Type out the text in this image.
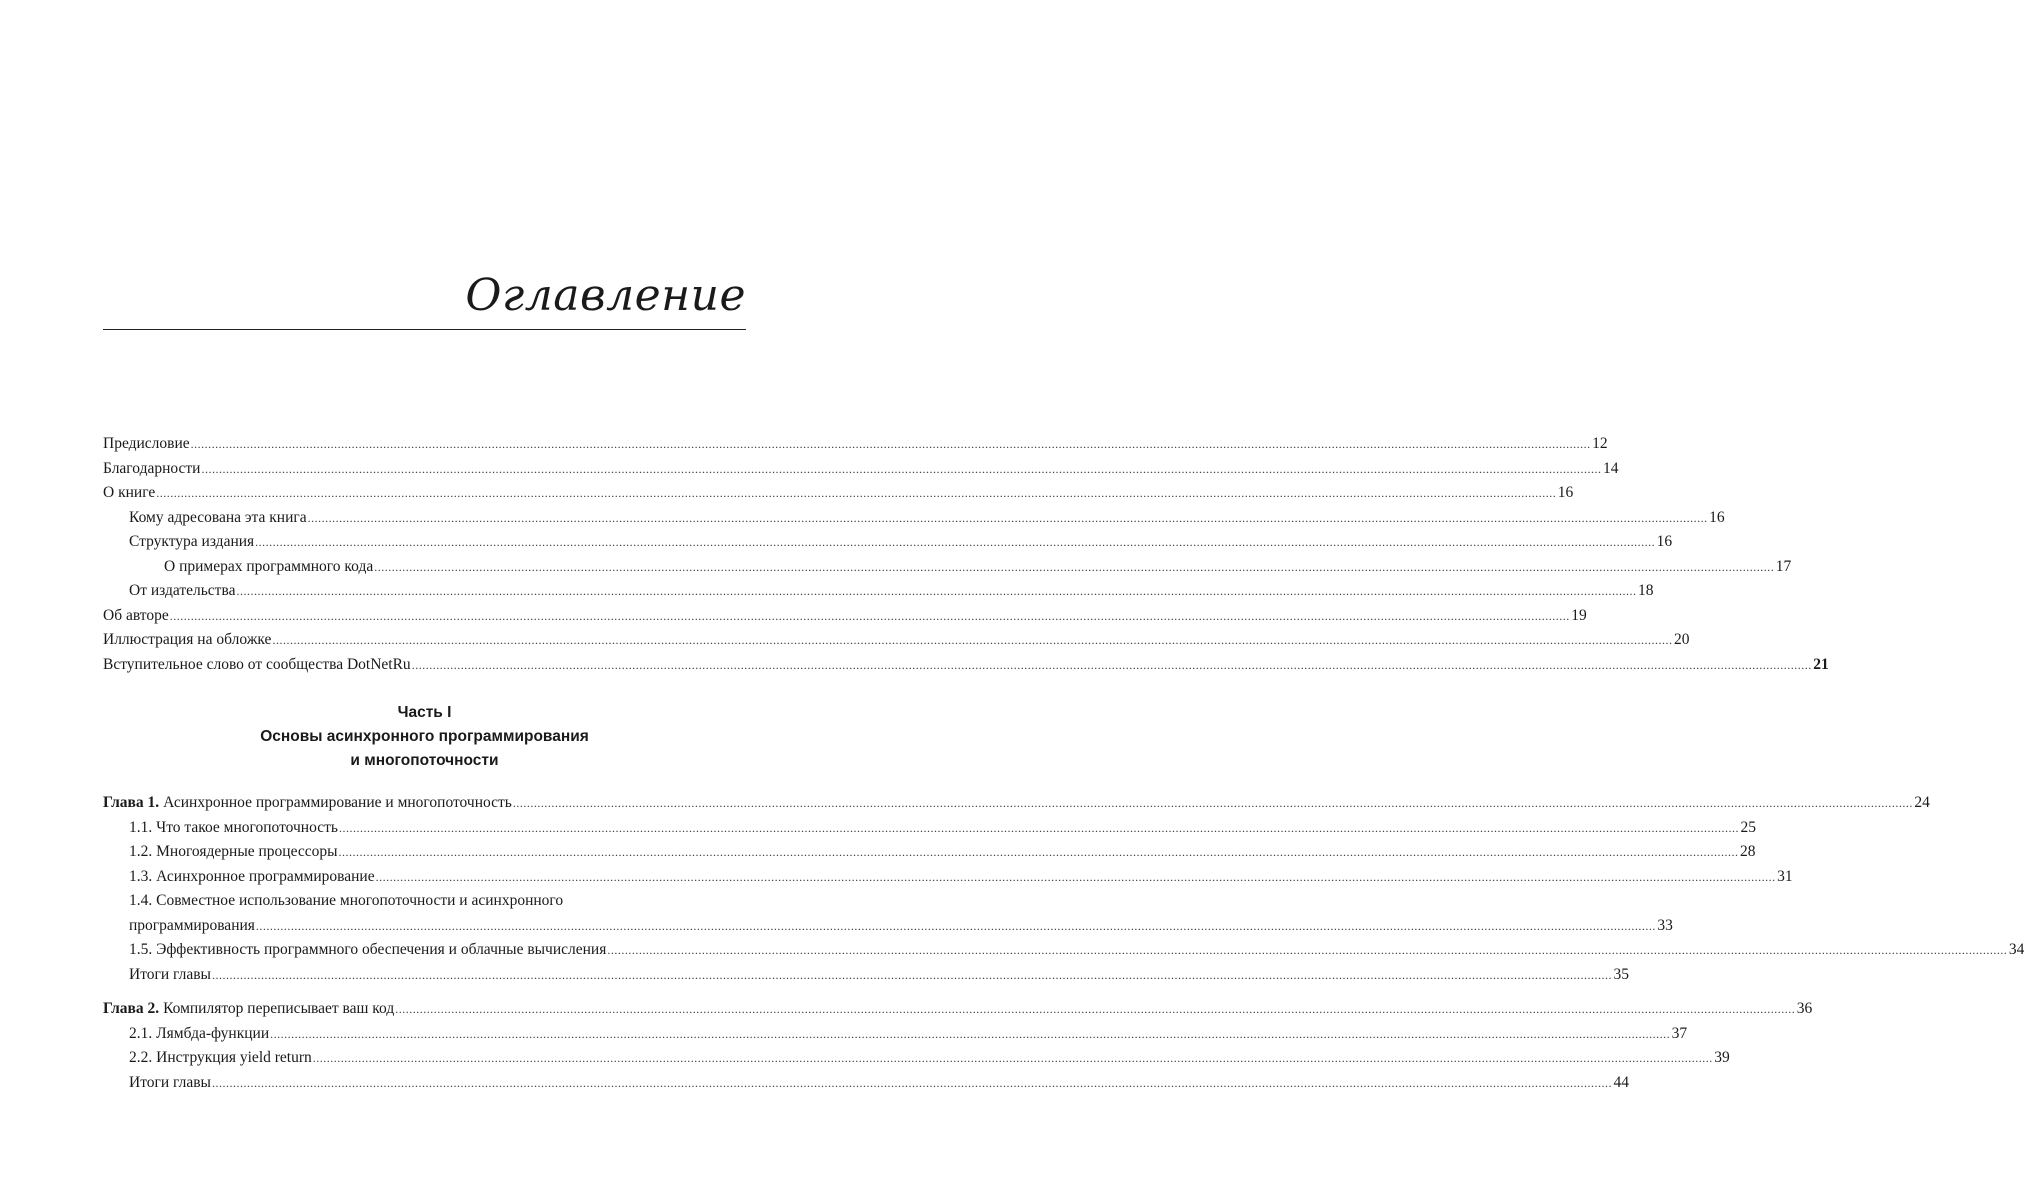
Оглавление
Предисловие ................................................................................................................................................................................................................................................................................................................................................................................................................ 12
Благодарности ................................................................................................................................................................................................................................................................................................................................................................................................................ 14
О книге ................................................................................................................................................................................................................................................................................................................................................................................................................ 16
Кому адресована эта книга ................................................................................................................................................................................................................................................................................................................................................................................................................ 16
Структура издания ................................................................................................................................................................................................................................................................................................................................................................................................................ 16
О примерах программного кода ................................................................................................................................................................................................................................................................................................................................................................................................................ 17
От издательства ................................................................................................................................................................................................................................................................................................................................................................................................................ 18
Об авторе ................................................................................................................................................................................................................................................................................................................................................................................................................ 19
Иллюстрация на обложке ................................................................................................................................................................................................................................................................................................................................................................................................................ 20
Вступительное слово от сообщества DotNetRu ................................................................................................................................................................................................................................................................................................................................................................................................................ 21
Часть I
Основы асинхронного программирования
и многопоточности
Глава 1. Асинхронное программирование и многопоточность ................................................................................................................................................................................................................................................................................................................................................................................................................ 24
1.1. Что такое многопоточность ................................................................................................................................................................................................................................................................................................................................................................................................................ 25
1.2. Многоядерные процессоры ................................................................................................................................................................................................................................................................................................................................................................................................................ 28
1.3. Асинхронное программирование ................................................................................................................................................................................................................................................................................................................................................................................................................ 31
1.4. Совместное использование многопоточности и асинхронного
программирования ................................................................................................................................................................................................................................................................................................................................................................................................................ 33
1.5. Эффективность программного обеспечения и облачные вычисления ................................................................................................................................................................................................................................................................................................................................................................................................................ 34
Итоги главы ................................................................................................................................................................................................................................................................................................................................................................................................................ 35
Глава 2. Компилятор переписывает ваш код ................................................................................................................................................................................................................................................................................................................................................................................................................ 36
2.1. Лямбда-функции ................................................................................................................................................................................................................................................................................................................................................................................................................ 37
2.2. Инструкция yield return ................................................................................................................................................................................................................................................................................................................................................................................................................ 39
Итоги главы ................................................................................................................................................................................................................................................................................................................................................................................................................ 44
